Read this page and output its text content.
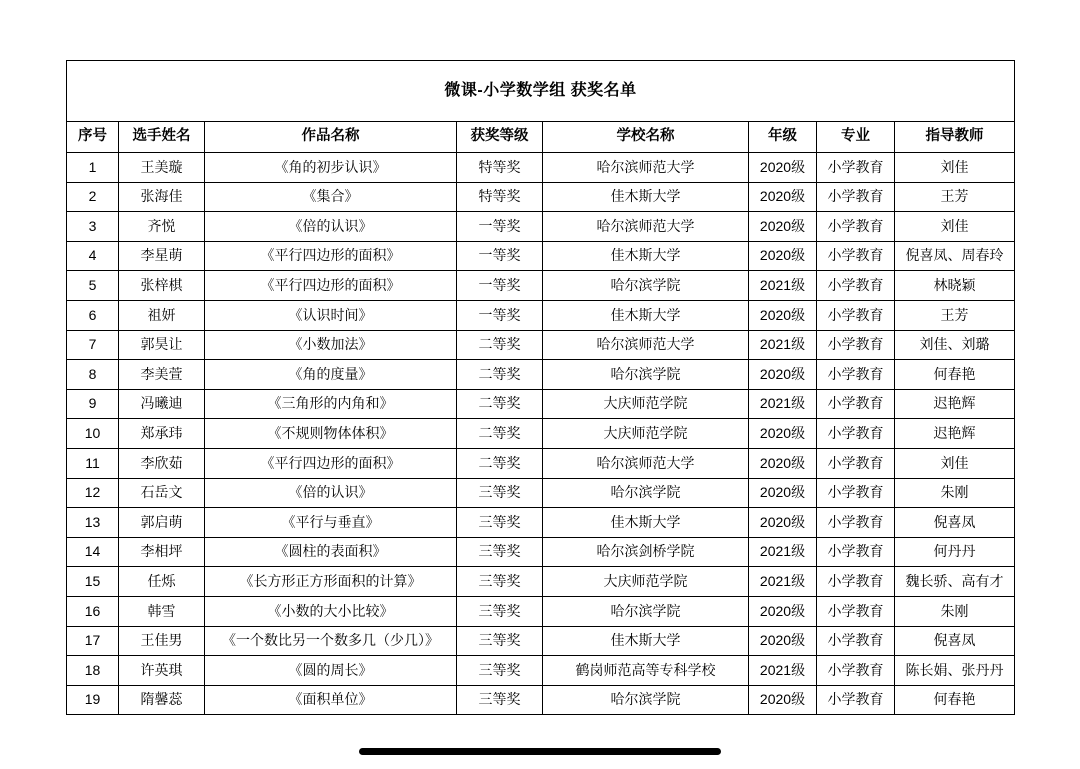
微课-小学数学组 获奖名单							
序号	选手姓名	作品名称	获奖等级	学校名称	年级	专业	指导教师
1	王美璇	《角的初步认识》	特等奖	哈尔滨师范大学	2020级	小学教育	刘佳
2	张海佳	《集合》	特等奖	佳木斯大学	2020级	小学教育	王芳
3	齐悦	《倍的认识》	一等奖	哈尔滨师范大学	2020级	小学教育	刘佳
4	李星萌	《平行四边形的面积》	一等奖	佳木斯大学	2020级	小学教育	倪喜凤、周春玲
5	张梓棋	《平行四边形的面积》	一等奖	哈尔滨学院	2021级	小学教育	林晓颖
6	祖妍	《认识时间》	一等奖	佳木斯大学	2020级	小学教育	王芳
7	郭昊让	《小数加法》	二等奖	哈尔滨师范大学	2021级	小学教育	刘佳、刘璐
8	李美萱	《角的度量》	二等奖	哈尔滨学院	2020级	小学教育	何春艳
9	冯曦迪	《三角形的内角和》	二等奖	大庆师范学院	2021级	小学教育	迟艳辉
10	郑承玮	《不规则物体体积》	二等奖	大庆师范学院	2020级	小学教育	迟艳辉
11	李欣茹	《平行四边形的面积》	二等奖	哈尔滨师范大学	2020级	小学教育	刘佳
12	石岳文	《倍的认识》	三等奖	哈尔滨学院	2020级	小学教育	朱刚
13	郭启萌	《平行与垂直》	三等奖	佳木斯大学	2020级	小学教育	倪喜凤
14	李相坪	《圆柱的表面积》	三等奖	哈尔滨剑桥学院	2021级	小学教育	何丹丹
15	任烁	《长方形正方形面积的计算》	三等奖	大庆师范学院	2021级	小学教育	魏长骄、高有才
16	韩雪	《小数的大小比较》	三等奖	哈尔滨学院	2020级	小学教育	朱刚
17	王佳男	《一个数比另一个数多几（少几）》	三等奖	佳木斯大学	2020级	小学教育	倪喜凤
18	许英琪	《圆的周长》	三等奖	鹤岗师范高等专科学校	2021级	小学教育	陈长娟、张丹丹
19	隋馨蕊	《面积单位》	三等奖	哈尔滨学院	2020级	小学教育	何春艳
